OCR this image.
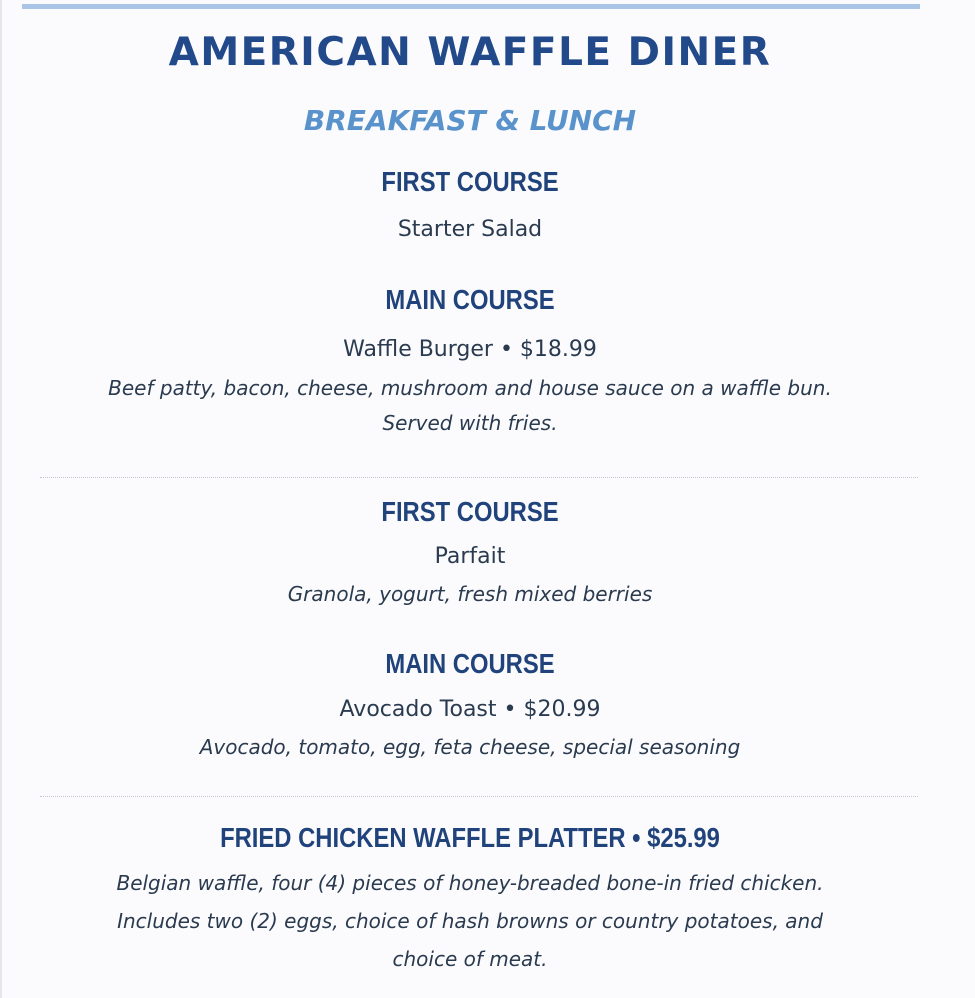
AMERICAN WAFFLE DINER
BREAKFAST & LUNCH
FIRST COURSE
Starter Salad
MAIN COURSE
Waffle Burger • $18.99
Beef patty, bacon, cheese, mushroom and house sauce on a waffle bun.
Served with fries.
FIRST COURSE
Parfait
Granola, yogurt, fresh mixed berries
MAIN COURSE
Avocado Toast • $20.99
Avocado, tomato, egg, feta cheese, special seasoning
FRIED CHICKEN WAFFLE PLATTER • $25.99
Belgian waffle, four (4) pieces of honey-breaded bone-in fried chicken.
Includes two (2) eggs, choice of hash browns or country potatoes, and
choice of meat.
